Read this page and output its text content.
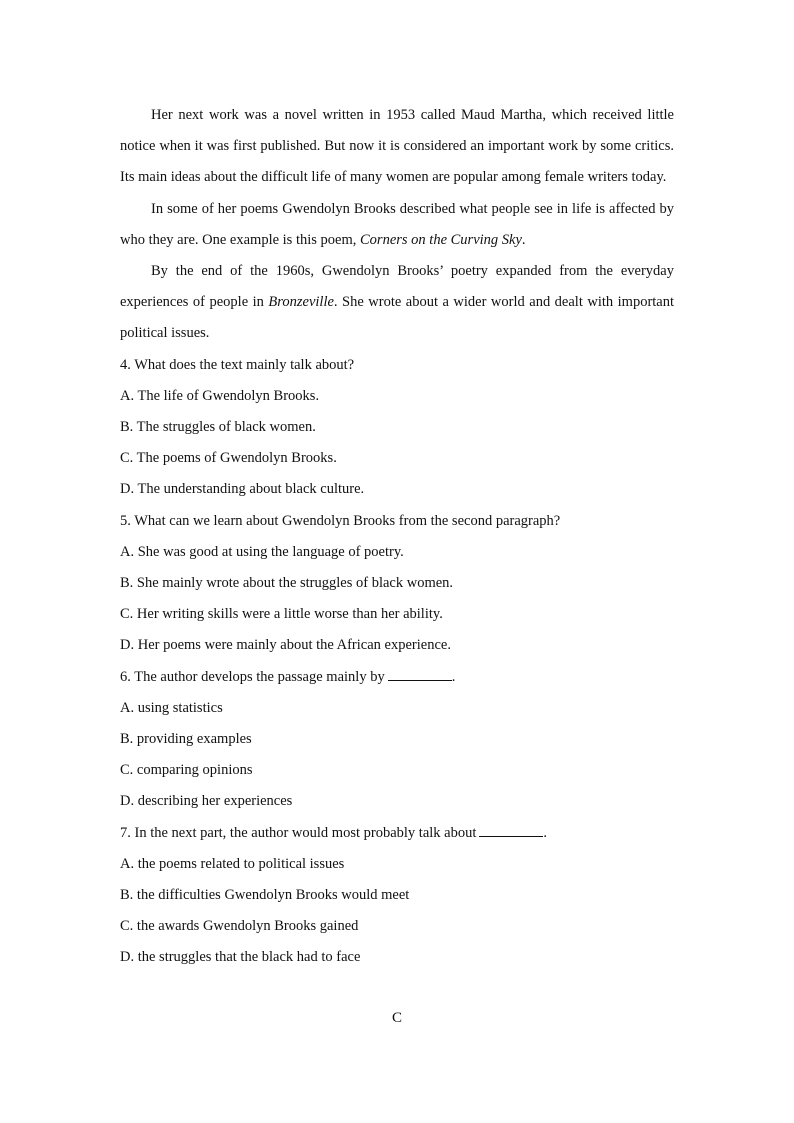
Her next work was a novel written in 1953 called Maud Martha, which received little notice when it was first published. But now it is considered an important work by some critics. Its main ideas about the difficult life of many women are popular among female writers today.

In some of her poems Gwendolyn Brooks described what people see in life is affected by who they are. One example is this poem, Corners on the Curving Sky.

By the end of the 1960s, Gwendolyn Brooks’ poetry expanded from the everyday experiences of people in Bronzeville. She wrote about a wider world and dealt with important political issues.

4. What does the text mainly talk about?

A. The life of Gwendolyn Brooks.

B. The struggles of black women.

C. The poems of Gwendolyn Brooks.

D. The understanding about black culture.

5. What can we learn about Gwendolyn Brooks from the second paragraph?

A. She was good at using the language of poetry.

B. She mainly wrote about the struggles of black women.

C. Her writing skills were a little worse than her ability.

D. Her poems were mainly about the African experience.

6. The author develops the passage mainly by	.

A. using statistics

B. providing examples

C. comparing opinions

D. describing her experiences

7. In the next part, the author would most probably talk about	.

A. the poems related to political issues

B. the difficulties Gwendolyn Brooks would meet

C. the awards Gwendolyn Brooks gained

D. the struggles that the black had to face

C
